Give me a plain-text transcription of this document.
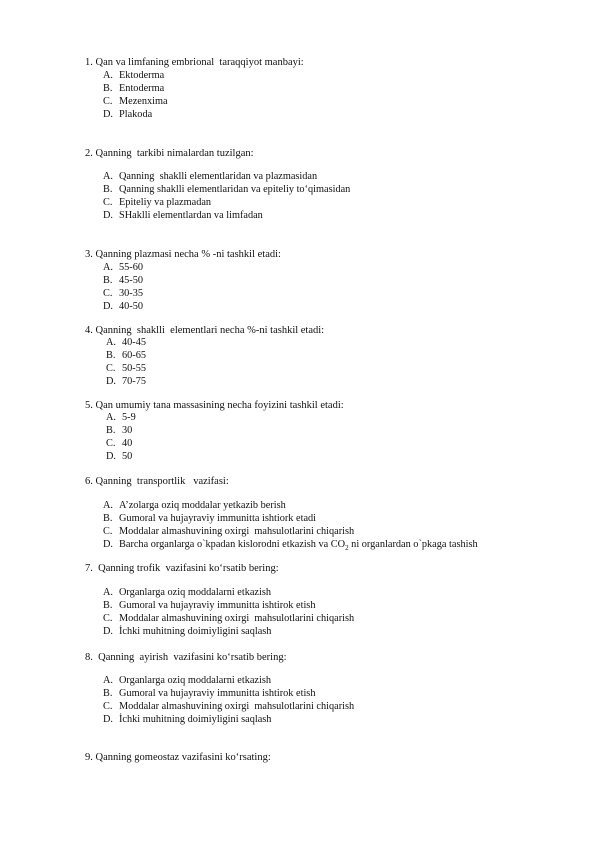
1. Qan va limfaning embrional  taraqqiyot manbayi:
A. Ektoderma
B. Entoderma
C. Mezenxima
D. Plakoda
2. Qanning  tarkibi nimalardan tuzilgan:
A. Qanning  shaklli elementlaridan va plazmasidan
B. Qanning shaklli elementlaridan va epiteliy to‘qimasidan
C. Epiteliy va plazmadan
D. SHaklli elementlardan va limfadan
3. Qanning plazmasi necha % -ni tashkil etadi:
A. 55-60
B. 45-50
C. 30-35
D. 40-50
4. Qanning  shaklli  elementlari necha %-ni tashkil etadi:
A. 40-45
B. 60-65
C. 50-55
D. 70-75
5. Qan umumiy tana massasining necha foyizini tashkil etadi:
A. 5-9
B. 30
C. 40
D. 50
6. Qanning  transportlik   vazifasi:
A. A’zolarga oziq moddalar yetkazib berish
B. Gumoral va hujayraviy immunitta ishtiork etadi
C. Moddalar almashuvining oxirgi  mahsulotlarini chiqarish
D. Barcha organlarga o`kpadan kislorodni etkazish va $CO_2$ ni organlardan o`pkaga tashish
7.  Qanning trofik  vazifasini ko‘rsatib bering:
A. Organlarga oziq moddalarni etkazish
B. Gumoral va hujayraviy immunitta ishtirok etish
C. Moddalar almashuvining oxirgi  mahsulotlarini chiqarish
D. İchki muhitning doimiyligini saqlash
8.  Qanning  ayirish  vazifasini ko‘rsatib bering:
A. Organlarga oziq moddalarni etkazish
B. Gumoral va hujayraviy immunitta ishtirok etish
C. Moddalar almashuvining oxirgi  mahsulotlarini chiqarish
D. İchki muhitning doimiyligini saqlash
9. Qanning gomeostaz vazifasini ko‘rsating:
